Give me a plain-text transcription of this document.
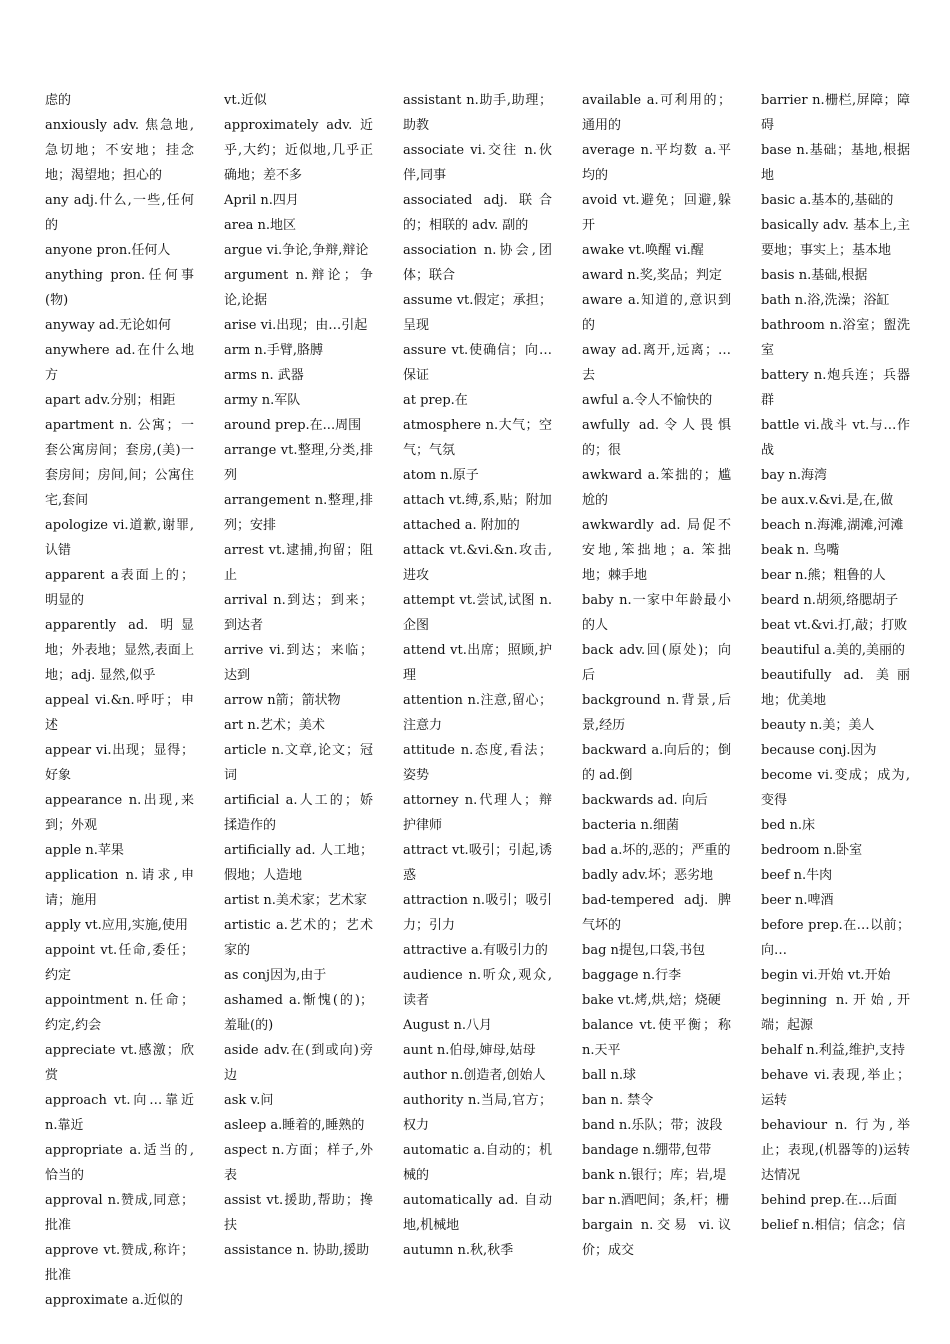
虑的
anxiously adv. 焦急地,急切地；不安地；挂念地；渴望地；担心的
any adj.什么,一些,任何的
anyone pron.任何人
anything pron.任何事(物)
anyway ad.无论如何
anywhere ad.在什么地方
apart adv.分别；相距
apartment n. 公寓；一套公寓房间；套房,(美)一套房间；房间,间；公寓住宅,套间
apologize vi.道歉,谢罪,认错
apparent a表面上的；明显的
apparently ad. 明显地；外表地；显然,表面上地；adj. 显然,似乎
appeal vi.&n.呼吁；申述
appear vi.出现；显得；好象
appearance n.出现,来到；外观
apple n.苹果
application n.请求,申请；施用
apply vt.应用,实施,使用
appoint vt.任命,委任；约定
appointment n.任命；约定,约会
appreciate vt.感激；欣赏
approach vt.向…靠近 n.靠近
appropriate a.适当的,恰当的
approval n.赞成,同意；批准
approve vt.赞成,称许；批准
approximate a.近似的
vt.近似
approximately adv. 近乎,大约；近似地,几乎正确地；差不多
April n.四月
area n.地区
argue vi.争论,争辩,辩论
argument n.辩论；争论,论据
arise vi.出现；由…引起
arm n.手臂,胳膊
arms n. 武器
army n.军队
around prep.在...周围
arrange vt.整理,分类,排列
arrangement n.整理,排列；安排
arrest vt.逮捕,拘留；阻止
arrival n.到达；到来；到达者
arrive vi.到达；来临；达到
arrow n箭；箭状物
art n.艺术；美术
article n.文章,论文；冠词
artificial a.人工的；娇揉造作的
artificially ad. 人工地；假地；人造地
artist n.美术家；艺术家
artistic a.艺术的；艺术家的
as conj因为,由于
ashamed a.惭愧(的)；羞耻(的)
aside adv.在(到或向)旁边
ask v.问
asleep a.睡着的,睡熟的
aspect n.方面；样子,外表
assist vt.援助,帮助；搀扶
assistance n. 协助,援助
assistant n.助手,助理；助教
associate vi.交往 n.伙伴,同事
associated adj. 联合的；相联的 adv. 副的
association n.协会,团体；联合
assume vt.假定；承担；呈现
assure vt.使确信；向…保证
at prep.在
atmosphere n.大气；空气；气氛
atom n.原子
attach vt.缚,系,贴；附加
attached a. 附加的
attack vt.&vi.&n.攻击,进攻
attempt vt.尝试,试图 n.企图
attend vt.出席；照顾,护理
attention n.注意,留心；注意力
attitude n.态度,看法；姿势
attorney n.代理人；辩护律师
attract vt.吸引；引起,诱惑
attraction n.吸引；吸引力；引力
attractive a.有吸引力的
audience n.听众,观众,读者
August n.八月
aunt n.伯母,婶母,姑母
author n.创造者,创始人
authority n.当局,官方；权力
automatic a.自动的；机械的
automatically ad. 自动地,机械地
autumn n.秋,秋季
available a.可利用的；通用的
average n.平均数 a.平均的
avoid vt.避免；回避,躲开
awake vt.唤醒 vi.醒
award n.奖,奖品；判定
aware a.知道的,意识到的
away ad.离开,远离；…去
awful a.令人不愉快的
awfully ad.令人畏惧的；很
awkward a.笨拙的；尴尬的
awkwardly ad. 局促不安地,笨拙地；a. 笨拙地；棘手地
baby n.一家中年龄最小的人
back adv.回(原处)；向后
background n.背景,后景,经历
backward a.向后的；倒的 ad.倒
backwards ad. 向后
bacteria n.细菌
bad a.坏的,恶的；严重的
badly adv.坏；恶劣地
bad-tempered adj. 脾气坏的
bag n提包,口袋,书包
baggage n.行李
bake vt.烤,烘,焙；烧硬
balance vt.使平衡；称 n.天平
ball n.球
ban n. 禁令
band n.乐队；带；波段
bandage n.绷带,包带
bank n.银行；库；岩,堤
bar n.酒吧间；条,杆；栅
bargain n.交易 vi.议价；成交
barrier n.栅栏,屏障；障碍
base n.基础；基地,根据地
basic a.基本的,基础的
basically adv. 基本上,主要地；事实上；基本地
basis n.基础,根据
bath n.浴,洗澡；浴缸
bathroom n.浴室；盥洗室
battery n.炮兵连；兵器群
battle vi.战斗 vt.与…作战
bay n.海湾
be aux.v.&vi.是,在,做
beach n.海滩,湖滩,河滩
beak n. 鸟嘴
bear n.熊；粗鲁的人
beard n.胡须,络腮胡子
beat vt.&vi.打,敲；打败
beautiful a.美的,美丽的
beautifully ad. 美丽地；优美地
beauty n.美；美人
because conj.因为
become vi.变成；成为,变得
bed n.床
bedroom n.卧室
beef n.牛肉
beer n.啤酒
before prep.在…以前；向…
begin vi.开始 vt.开始
beginning n.开始,开端；起源
behalf n.利益,维护,支持
behave vi.表现,举止；运转
behaviour n. 行为,举止；表现,(机器等的)运转达情况
behind prep.在…后面
belief n.相信；信念；信
